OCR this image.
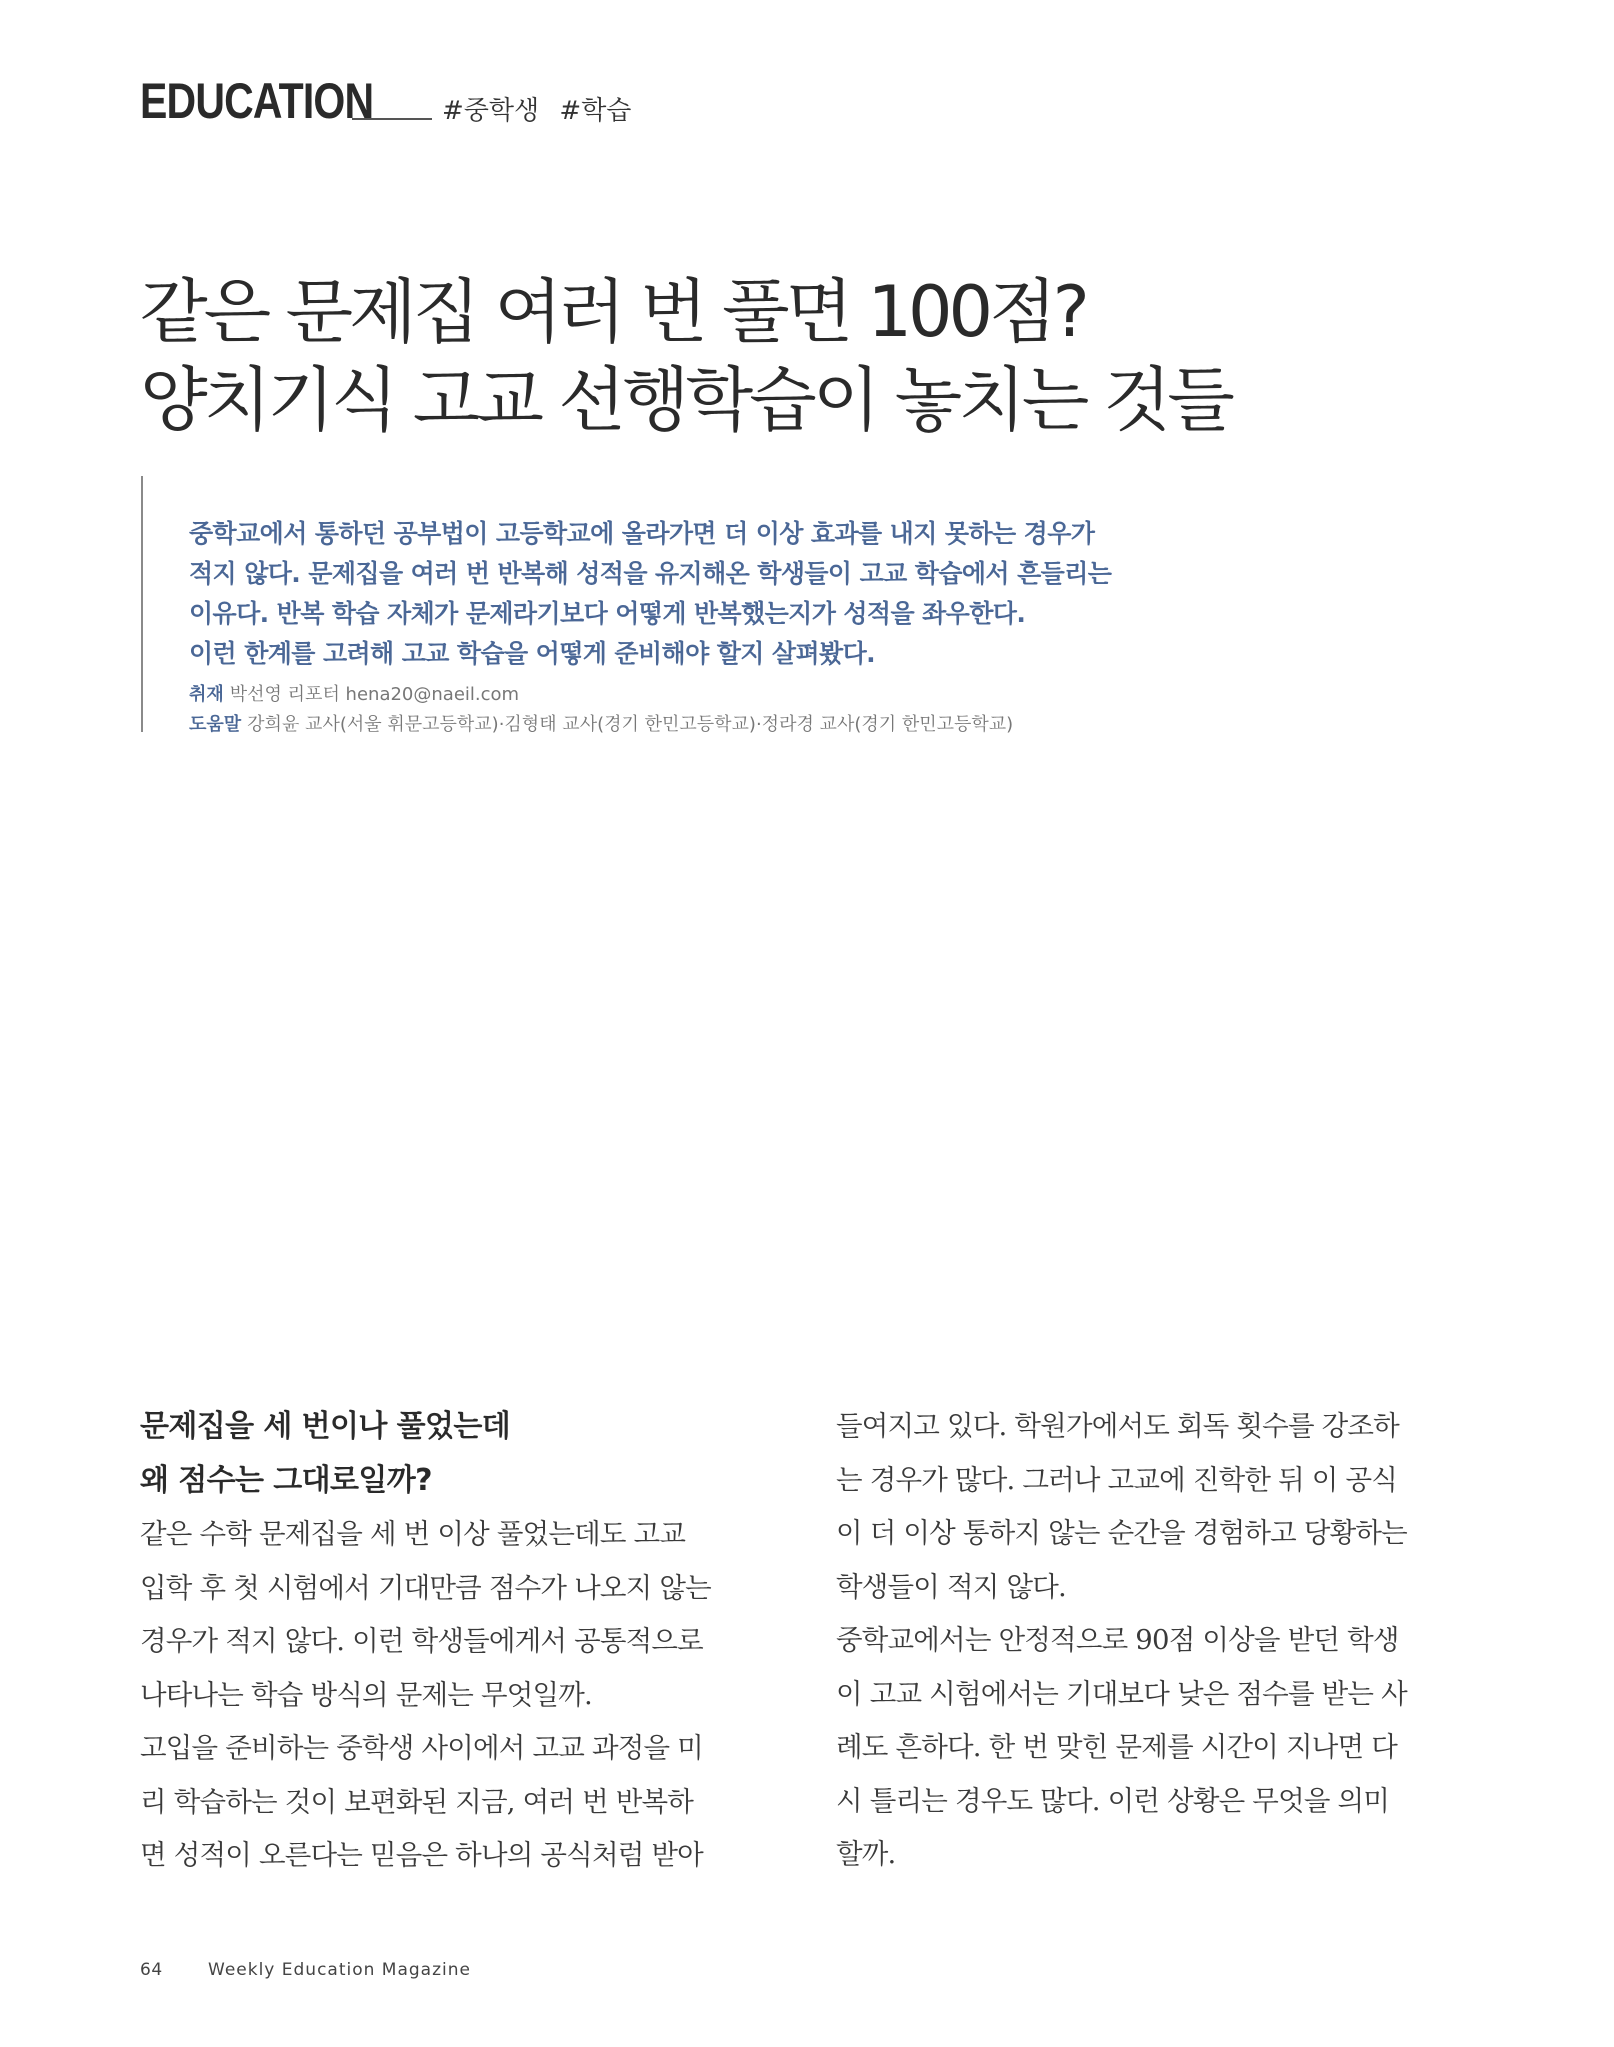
EDUCATION	#중학생 #학습
같은 문제집 여러 번 풀면 100점?
양치기식 고교 선행학습이 놓치는 것들

중학교에서 통하던 공부법이 고등학교에 올라가면 더 이상 효과를 내지 못하는 경우가
적지 않다. 문제집을 여러 번 반복해 성적을 유지해온 학생들이 고교 학습에서 흔들리는
이유다. 반복 학습 자체가 문제라기보다 어떻게 반복했는지가 성적을 좌우한다.
이런 한계를 고려해 고교 학습을 어떻게 준비해야 할지 살펴봤다.

취재 박선영 리포터 hena20@naeil.com
도움말 강희윤 교사(서울 휘문고등학교)·김형태 교사(경기 한민고등학교)·정라경 교사(경기 한민고등학교)

문제집을 세 번이나 풀었는데
왜 점수는 그대로일까?

같은 수학 문제집을 세 번 이상 풀었는데도 고교
입학 후 첫 시험에서 기대만큼 점수가 나오지 않는
경우가 적지 않다. 이런 학생들에게서 공통적으로
나타나는 학습 방식의 문제는 무엇일까.
고입을 준비하는 중학생 사이에서 고교 과정을 미
리 학습하는 것이 보편화된 지금, 여러 번 반복하
면 성적이 오른다는 믿음은 하나의 공식처럼 받아

들여지고 있다. 학원가에서도 회독 횟수를 강조하
는 경우가 많다. 그러나 고교에 진학한 뒤 이 공식
이 더 이상 통하지 않는 순간을 경험하고 당황하는
학생들이 적지 않다.
중학교에서는 안정적으로 90점 이상을 받던 학생
이 고교 시험에서는 기대보다 낮은 점수를 받는 사
례도 흔하다. 한 번 맞힌 문제를 시간이 지나면 다
시 틀리는 경우도 많다. 이런 상황은 무엇을 의미
할까.

64	Weekly Education Magazine
